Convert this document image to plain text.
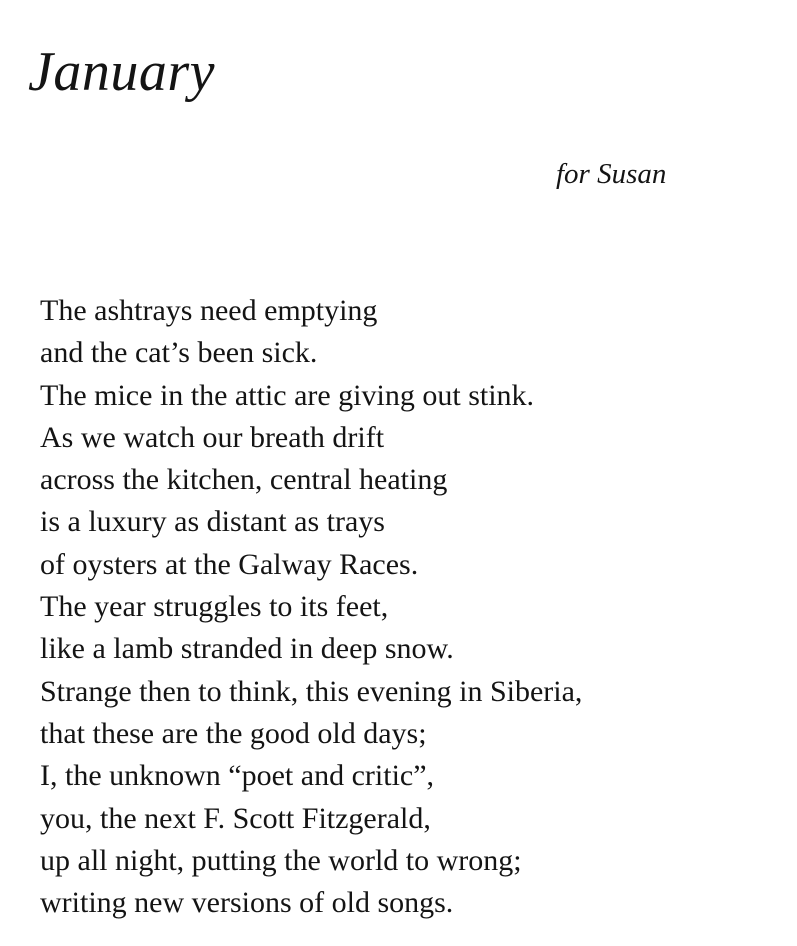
January

for Susan

The ashtrays need emptying
and the cat’s been sick.
The mice in the attic are giving out stink.
As we watch our breath drift
across the kitchen, central heating
is a luxury as distant as trays
of oysters at the Galway Races.
The year struggles to its feet,
like a lamb stranded in deep snow.
Strange then to think, this evening in Siberia,
that these are the good old days;
I, the unknown “poet and critic”,
you, the next F. Scott Fitzgerald,
up all night, putting the world to wrong;
writing new versions of old songs.
